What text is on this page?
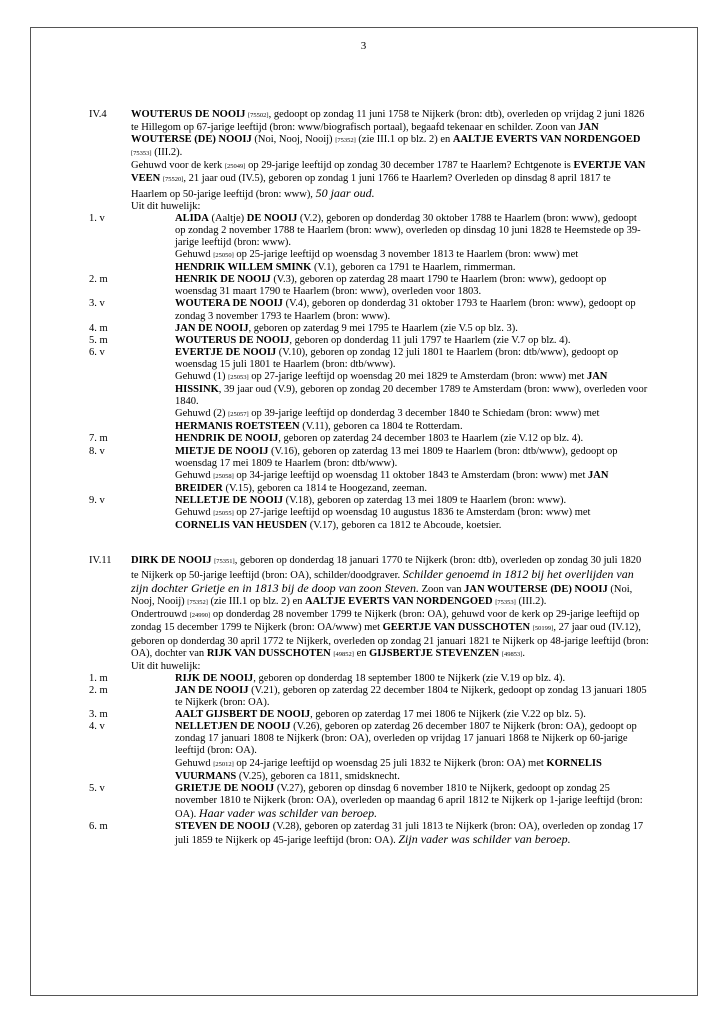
3
IV.4	WOUTERUS DE NOOIJ [75502], gedoopt op zondag 11 juni 1758 te Nijkerk (bron: dtb), overleden op vrijdag 2 juni 1826 te Hillegom op 67-jarige leeftijd (bron: www/biografisch portaal), begaafd tekenaar en schilder. Zoon van JAN WOUTERSE (DE) NOOIJ (Noi, Nooj, Nooij) [75352] (zie III.1 op blz. 2) en AALTJE EVERTS VAN NORDENGOED [75353] (III.2).

Gehuwd voor de kerk [25049] op 29-jarige leeftijd op zondag 30 december 1787 te Haarlem? Echtgenote is EVERTJE VAN VEEN [75520], 21 jaar oud (IV.5), geboren op zondag 1 juni 1766 te Haarlem? Overleden op dinsdag 8 april 1817 te Haarlem op 50-jarige leeftijd (bron: www), 50 jaar oud.

Uit dit huwelijk:

1. v	ALIDA (Aaltje) DE NOOIJ (V.2), geboren op donderdag 30 oktober 1788 te Haarlem (bron: www), gedoopt op zondag 2 november 1788 te Haarlem (bron: www), overleden op dinsdag 10 juni 1828 te Heemstede op 39-jarige leeftijd (bron: www).
Gehuwd [25050] op 25-jarige leeftijd op woensdag 3 november 1813 te Haarlem (bron: www) met
HENDRIK WILLEM SMINK (V.1), geboren ca 1791 te Haarlem, rimmerman.
2. m	HENRIK DE NOOIJ (V.3), geboren op zaterdag 28 maart 1790 te Haarlem (bron: www), gedoopt op woensdag 31 maart 1790 te Haarlem (bron: www), overleden voor 1803.
3. v	WOUTERA DE NOOIJ (V.4), geboren op donderdag 31 oktober 1793 te Haarlem (bron: www), gedoopt op zondag 3 november 1793 te Haarlem (bron: www).
4. m	JAN DE NOOIJ, geboren op zaterdag 9 mei 1795 te Haarlem (zie V.5 op blz. 3).
5. m	WOUTERUS DE NOOIJ, geboren op donderdag 11 juli 1797 te Haarlem (zie V.7 op blz. 4).
6. v	EVERTJE DE NOOIJ (V.10), geboren op zondag 12 juli 1801 te Haarlem (bron: dtb/www), gedoopt op woensdag 15 juli 1801 te Haarlem (bron: dtb/www).
Gehuwd (1) [25053] op 27-jarige leeftijd op woensdag 20 mei 1829 te Amsterdam (bron: www) met JAN HISSINK, 39 jaar oud (V.9), geboren op zondag 20 december 1789 te Amsterdam (bron: www), overleden voor 1840.
Gehuwd (2) [25057] op 39-jarige leeftijd op donderdag 3 december 1840 te Schiedam (bron: www) met
HERMANIS ROETSTEEN (V.11), geboren ca 1804 te Rotterdam.
7. m	HENDRIK DE NOOIJ, geboren op zaterdag 24 december 1803 te Haarlem (zie V.12 op blz. 4).
8. v	MIETJE DE NOOIJ (V.16), geboren op zaterdag 13 mei 1809 te Haarlem (bron: dtb/www), gedoopt op woensdag 17 mei 1809 te Haarlem (bron: dtb/www).
Gehuwd [25058] op 34-jarige leeftijd op woensdag 11 oktober 1843 te Amsterdam (bron: www) met JAN BREIDER (V.15), geboren ca 1814 te Hoogezand, zeeman.
9. v	NELLETJE DE NOOIJ (V.18), geboren op zaterdag 13 mei 1809 te Haarlem (bron: www).
Gehuwd [25055] op 27-jarige leeftijd op woensdag 10 augustus 1836 te Amsterdam (bron: www) met
CORNELIS VAN HEUSDEN (V.17), geboren ca 1812 te Abcoude, koetsier.
IV.11	DIRK DE NOOIJ [75351], geboren op donderdag 18 januari 1770 te Nijkerk (bron: dtb), overleden op zondag 30 juli 1820 te Nijkerk op 50-jarige leeftijd (bron: OA), schilder/doodgraver. Schilder genoemd in 1812 bij het overlijden van zijn dochter Grietje en in 1813 bij de doop van zoon Steven. Zoon van JAN WOUTERSE (DE) NOOIJ (Noi, Nooj, Nooij) [75352] (zie III.1 op blz. 2) en AALTJE EVERTS VAN NORDENGOED [75353] (III.2).

Ondertrouwd [24990] op donderdag 28 november 1799 te Nijkerk (bron: OA), gehuwd voor de kerk op 29-jarige leeftijd op zondag 15 december 1799 te Nijkerk (bron: OA/www) met GEERTJE VAN DUSSCHOTEN [50199], 27 jaar oud (IV.12), geboren op donderdag 30 april 1772 te Nijkerk, overleden op zondag 21 januari 1821 te Nijkerk op 48-jarige leeftijd (bron: OA), dochter van RIJK VAN DUSSCHOTEN [49852] en GIJSBERTJE STEVENZEN [49853].

Uit dit huwelijk:

1. m	RIJK DE NOOIJ, geboren op donderdag 18 september 1800 te Nijkerk (zie V.19 op blz. 4).
2. m	JAN DE NOOIJ (V.21), geboren op zaterdag 22 december 1804 te Nijkerk, gedoopt op zondag 13 januari 1805 te Nijkerk (bron: OA).
3. m	AALT GIJSBERT DE NOOIJ, geboren op zaterdag 17 mei 1806 te Nijkerk (zie V.22 op blz. 5).
4. v	NELLETJEN DE NOOIJ (V.26), geboren op zaterdag 26 december 1807 te Nijkerk (bron: OA), gedoopt op zondag 17 januari 1808 te Nijkerk (bron: OA), overleden op vrijdag 17 januari 1868 te Nijkerk op 60-jarige leeftijd (bron: OA).
Gehuwd [25012] op 24-jarige leeftijd op woensdag 25 juli 1832 te Nijkerk (bron: OA) met KORNELIS VUURMANS (V.25), geboren ca 1811, smidsknecht.
5. v	GRIETJE DE NOOIJ (V.27), geboren op dinsdag 6 november 1810 te Nijkerk, gedoopt op zondag 25 november 1810 te Nijkerk (bron: OA), overleden op maandag 6 april 1812 te Nijkerk op 1-jarige leeftijd (bron: OA). Haar vader was schilder van beroep.
6. m	STEVEN DE NOOIJ (V.28), geboren op zaterdag 31 juli 1813 te Nijkerk (bron: OA), overleden op zondag 17 juli 1859 te Nijkerk op 45-jarige leeftijd (bron: OA). Zijn vader was schilder van beroep.
